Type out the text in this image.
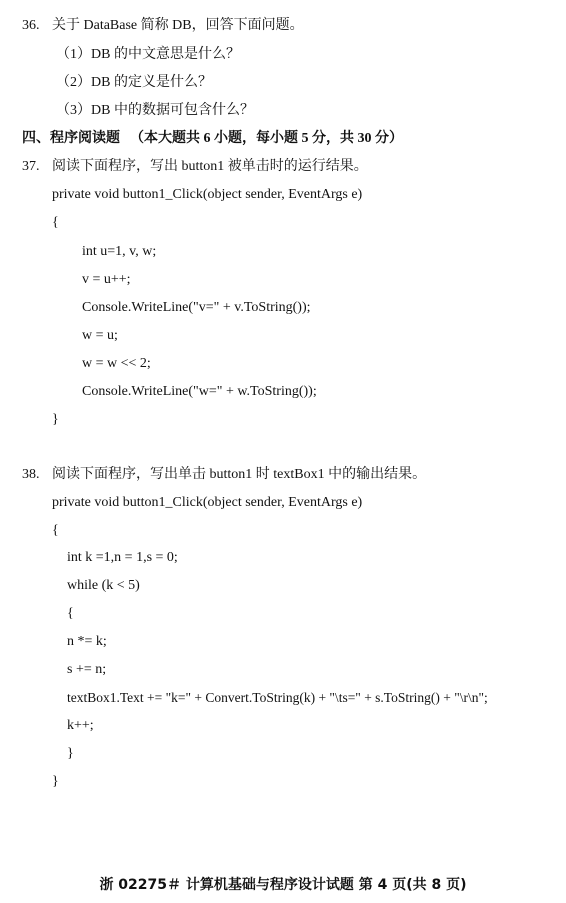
36. 关于 DataBase 简称 DB，回答下面问题。
（1）DB 的中文意思是什么？
（2）DB 的定义是什么？
（3）DB 中的数据可包含什么？
四、程序阅读题 （本大题共 6 小题，每小题 5 分，共 30 分）
37. 阅读下面程序，写出 button1 被单击时的运行结果。
private void button1_Click(object sender, EventArgs e)
{
int u=1, v, w;
v = u++;
Console.WriteLine("v=" + v.ToString());
w = u;
w = w << 2;
Console.WriteLine("w=" + w.ToString());
}
38. 阅读下面程序，写出单击 button1 时 textBox1 中的输出结果。
private void button1_Click(object sender, EventArgs e)
{
int k =1,n = 1,s = 0;
while (k < 5)
{
n *= k;
s += n;
textBox1.Text += "k=" + Convert.ToString(k) + "\ts=" + s.ToString() + "\r\n";
k++;
}
}
浙 02275＃ 计算机基础与程序设计试题 第 4 页(共 8 页)
